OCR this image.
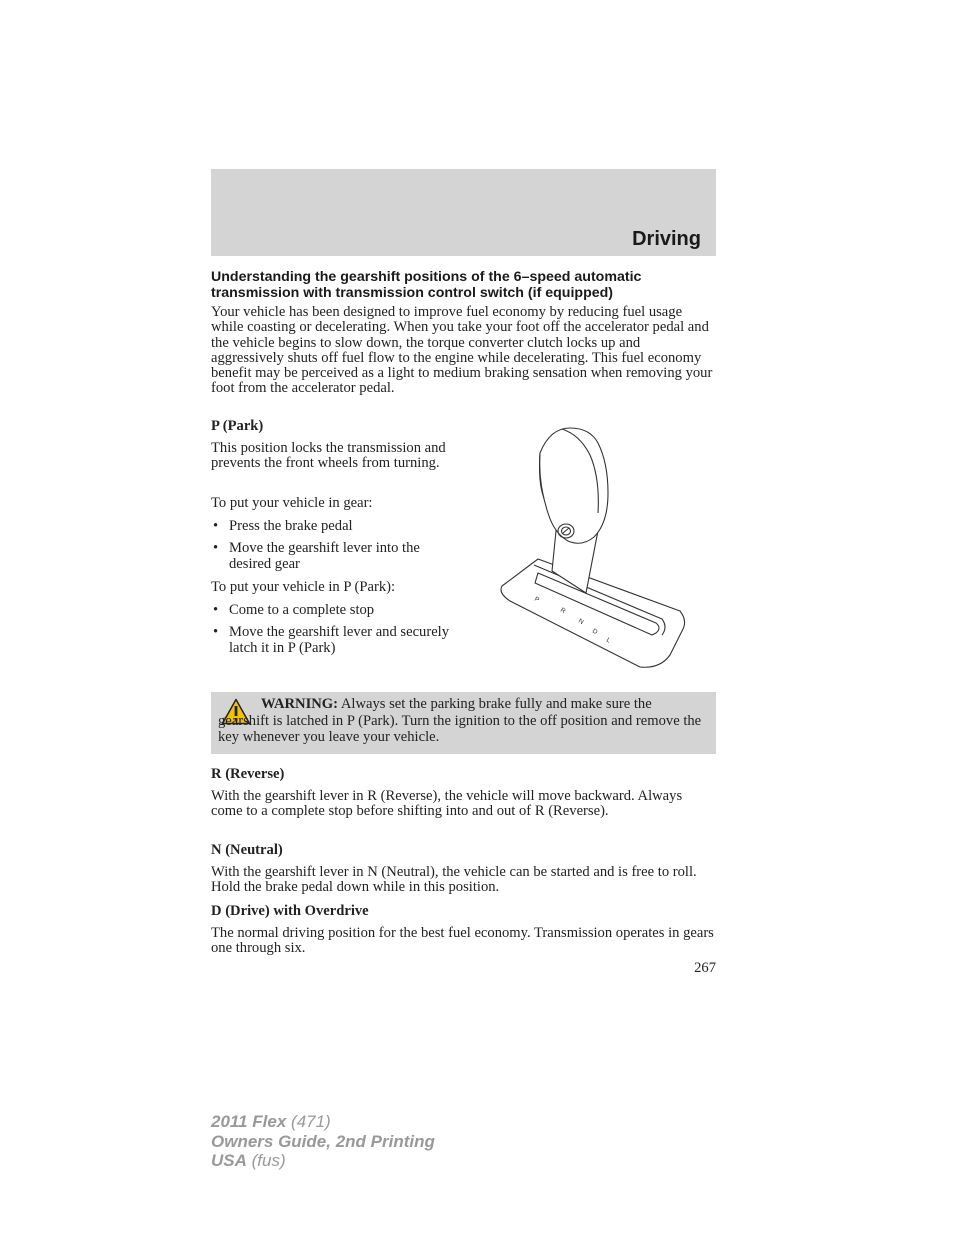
Driving
Understanding the gearshift positions of the 6–speed automatic transmission with transmission control switch (if equipped)

Your vehicle has been designed to improve fuel economy by reducing fuel usage while coasting or decelerating. When you take your foot off the accelerator pedal and the vehicle begins to slow down, the torque converter clutch locks up and aggressively shuts off fuel flow to the engine while decelerating. This fuel economy benefit may be perceived as a light to medium braking sensation when removing your foot from the accelerator pedal.

P (Park)

This position locks the transmission and prevents the front wheels from turning.

To put your vehicle in gear:

• Press the brake pedal
• Move the gearshift lever into the desired gear

To put your vehicle in P (Park):

• Come to a complete stop
• Move the gearshift lever and securely latch it in P (Park)
P
R
N
D
L
WARNING: Always set the parking brake fully and make sure the gearshift is latched in P (Park). Turn the ignition to the off position and remove the key whenever you leave your vehicle.
R (Reverse)

With the gearshift lever in R (Reverse), the vehicle will move backward. Always come to a complete stop before shifting into and out of R (Reverse).

N (Neutral)

With the gearshift lever in N (Neutral), the vehicle can be started and is free to roll. Hold the brake pedal down while in this position.

D (Drive) with Overdrive

The normal driving position for the best fuel economy. Transmission operates in gears one through six.

267
2011 Flex (471)
Owners Guide, 2nd Printing
USA (fus)
